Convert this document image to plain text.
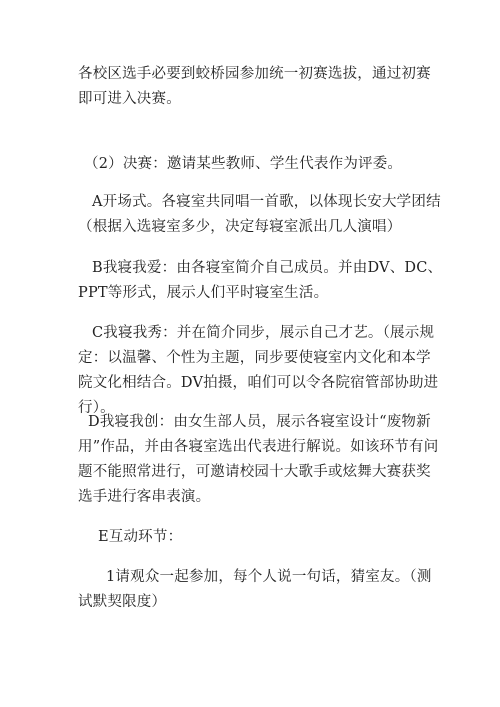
各校区选手必要到蛟桥园参加统一初赛选拔，通过初赛即可进入决赛。

（2）决赛：邀请某些教师、学生代表作为评委。

A开场式。各寝室共同唱一首歌，以体现长安大学团结（根据入选寝室多少，决定每寝室派出几人演唱）

B我寝我爱：由各寝室简介自己成员。并由DV、DC、PPT等形式，展示人们平时寝室生活。

C我寝我秀：并在简介同步，展示自己才艺。（展示规定：以温馨、个性为主题，同步要使寝室内文化和本学院文化相结合。DV拍摄，咱们可以令各院宿管部协助进行）。

D我寝我创：由女生部人员，展示各寝室设计“废物新用”作品，并由各寝室选出代表进行解说。如该环节有问题不能照常进行，可邀请校园十大歌手或炫舞大赛获奖选手进行客串表演。

E互动环节：

1请观众一起参加，每个人说一句话，猜室友。（测试默契限度）
